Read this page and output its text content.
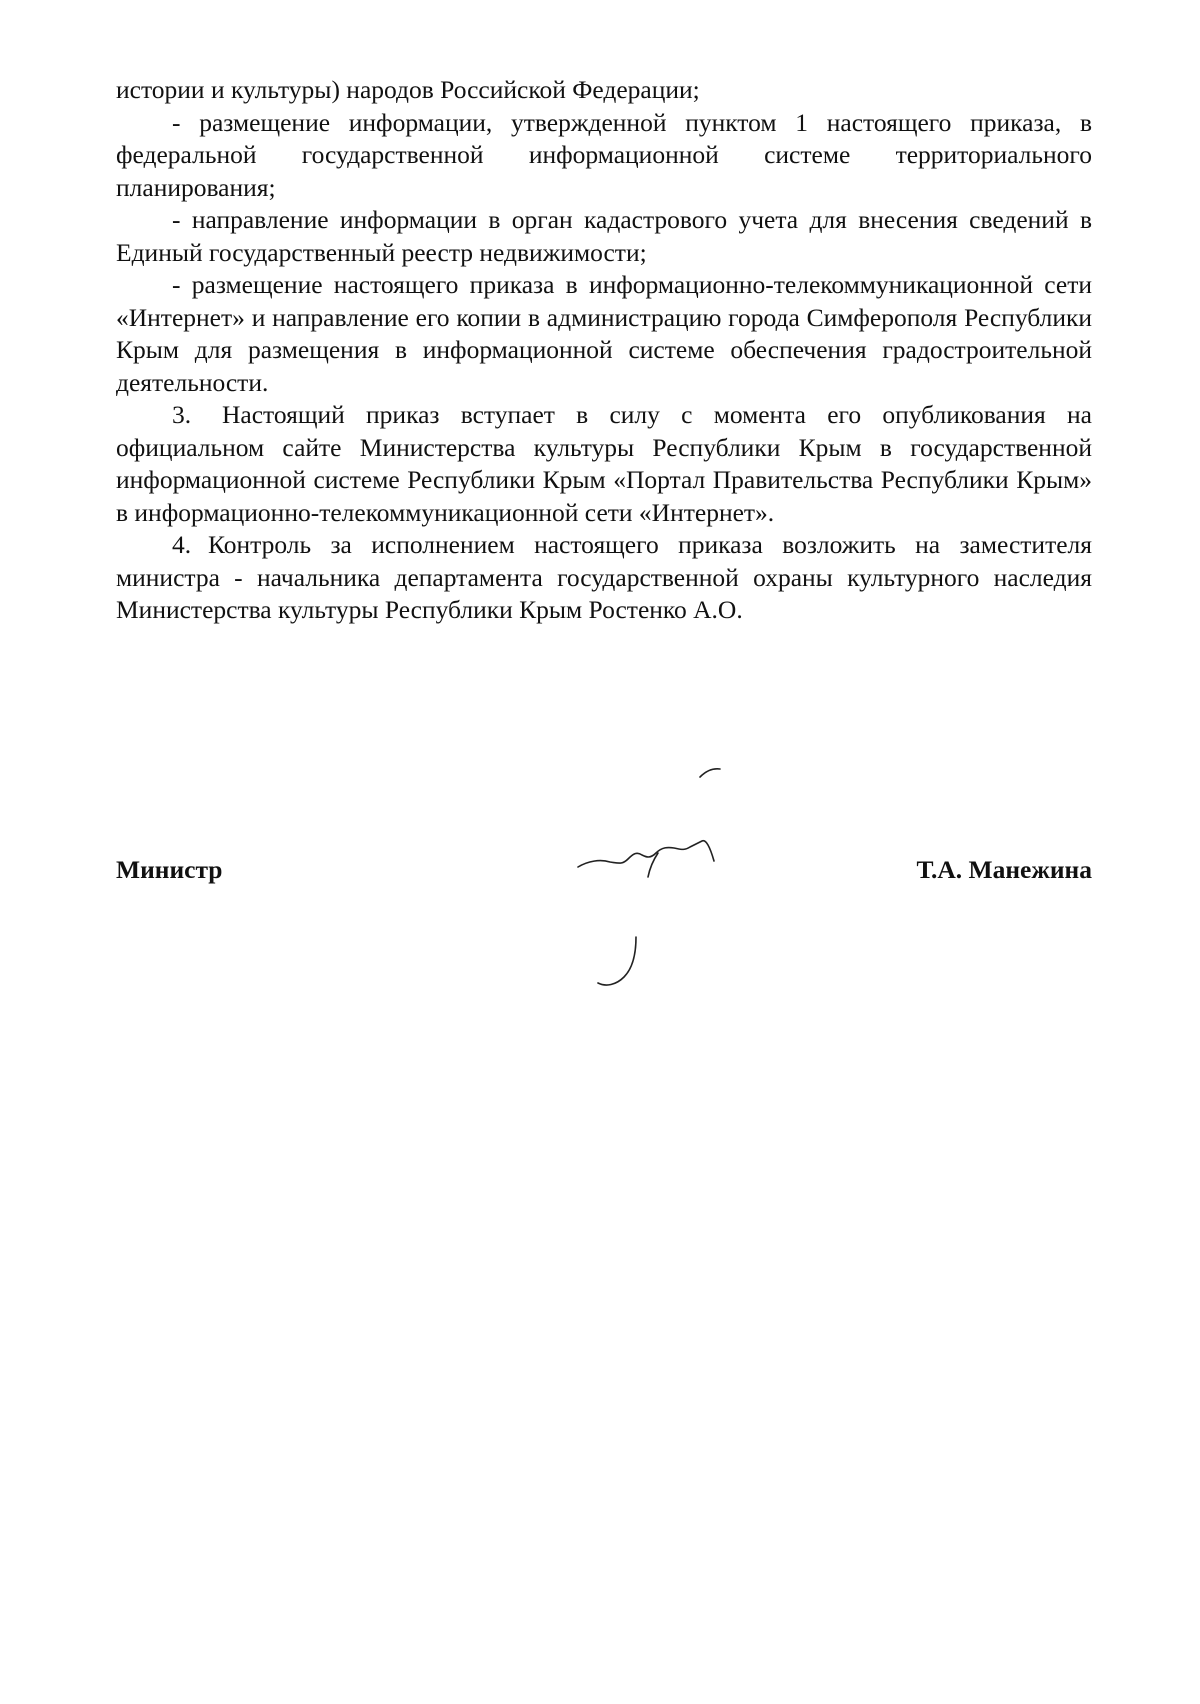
истории и культуры) народов Российской Федерации;

- размещение информации, утвержденной пунктом 1 настоящего приказа, в федеральной государственной информационной системе территориального планирования;

- направление информации в орган кадастрового учета для внесения сведений в Единый государственный реестр недвижимости;

- размещение настоящего приказа в информационно-телекоммуникационной сети «Интернет» и направление его копии в администрацию города Симферополя Республики Крым для размещения в информационной системе обеспечения градостроительной деятельности.

3. Настоящий приказ вступает в силу с момента его опубликования на официальном сайте Министерства культуры Республики Крым в государственной информационной системе Республики Крым «Портал Правительства Республики Крым» в информационно-телекоммуникационной сети «Интернет».

4. Контроль за исполнением настоящего приказа возложить на заместителя министра - начальника департамента государственной охраны культурного наследия Министерства культуры Республики Крым Ростенко А.О.

Министр	Т.А. Манежина
